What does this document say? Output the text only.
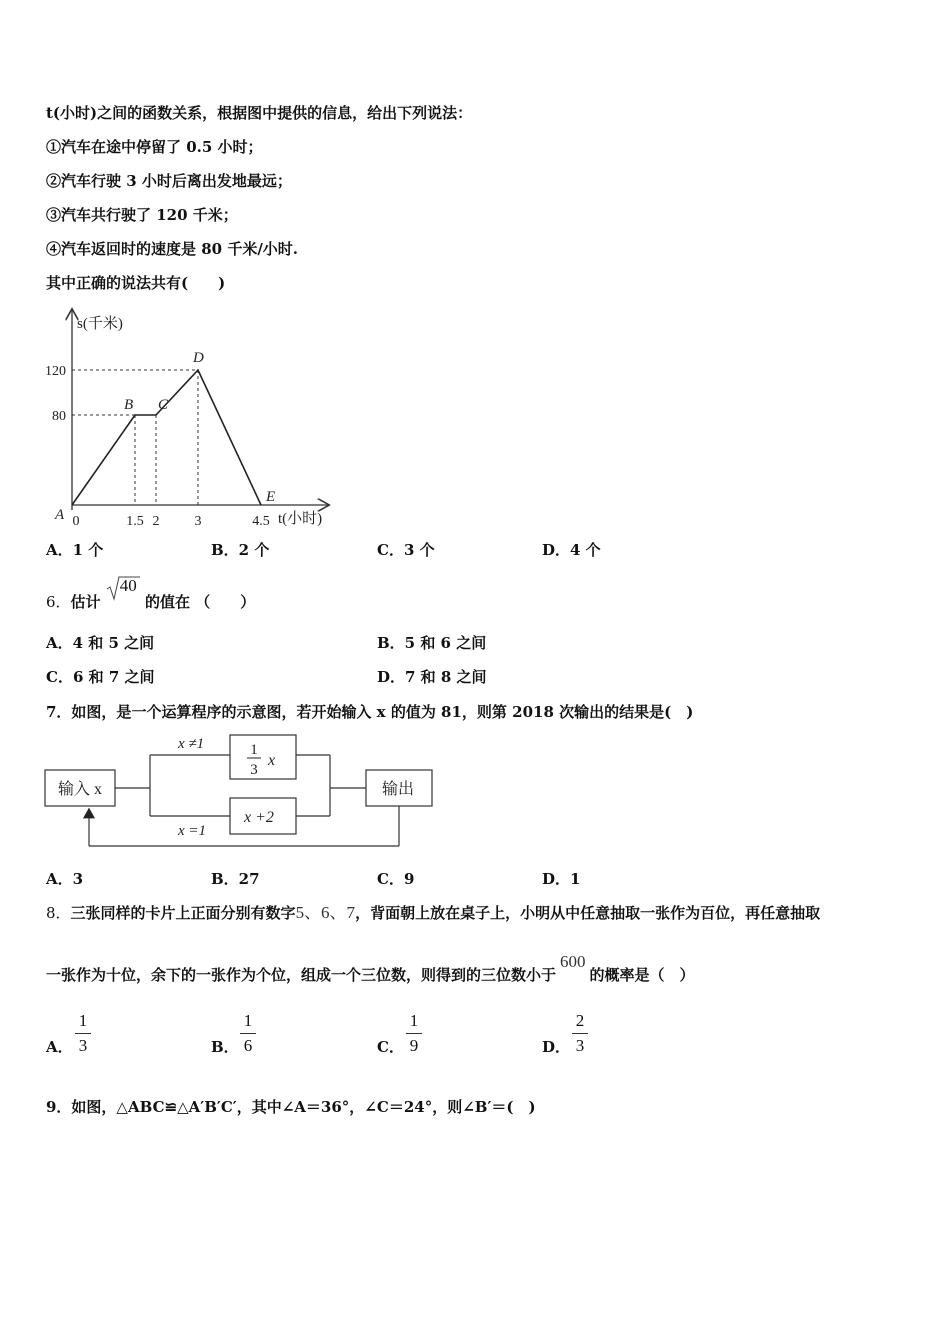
t(小时)之间的函数关系，根据图中提供的信息，给出下列说法：
①汽车在途中停留了 0.5 小时；
②汽车行驶 3 小时后离出发地最远；
③汽车共行驶了 120 千米；
④汽车返回时的速度是 80 千米/小时.
其中正确的说法共有(　　)
s(千米)
t(小时)
80
120
0	1.5 2	3	4.5
A
B C
D
E
A．1 个	B．2 个	C．3 个	D．4 个
6．估计
40
的值在 （　　）
A．4 和 5 之间	B．5 和 6 之间
C．6 和 7 之间	D．7 和 8 之间
7．如图，是一个运算程序的示意图，若开始输入 x 的值为 81，则第 2018 次输出的结果是(　)
输入 x
1
3
x
x +2
输出
x ≠1
x =1
A．3	B．27	C．9	D．1
8．三张同样的卡片上正面分别有数字5、6、7，背面朝上放在桌子上，小明从中任意抽取一张作为百位，再任意抽取
一张作为十位，余下的一张作为个位，组成一个三位数，则得到的三位数小于600的概率是（　）
A．
1
3	B．
1
6	C．
1
9	D．
2
3
9．如图，△ABC≌△A′B′C′，其中∠A＝36°，∠C＝24°，则∠B′＝(　)
